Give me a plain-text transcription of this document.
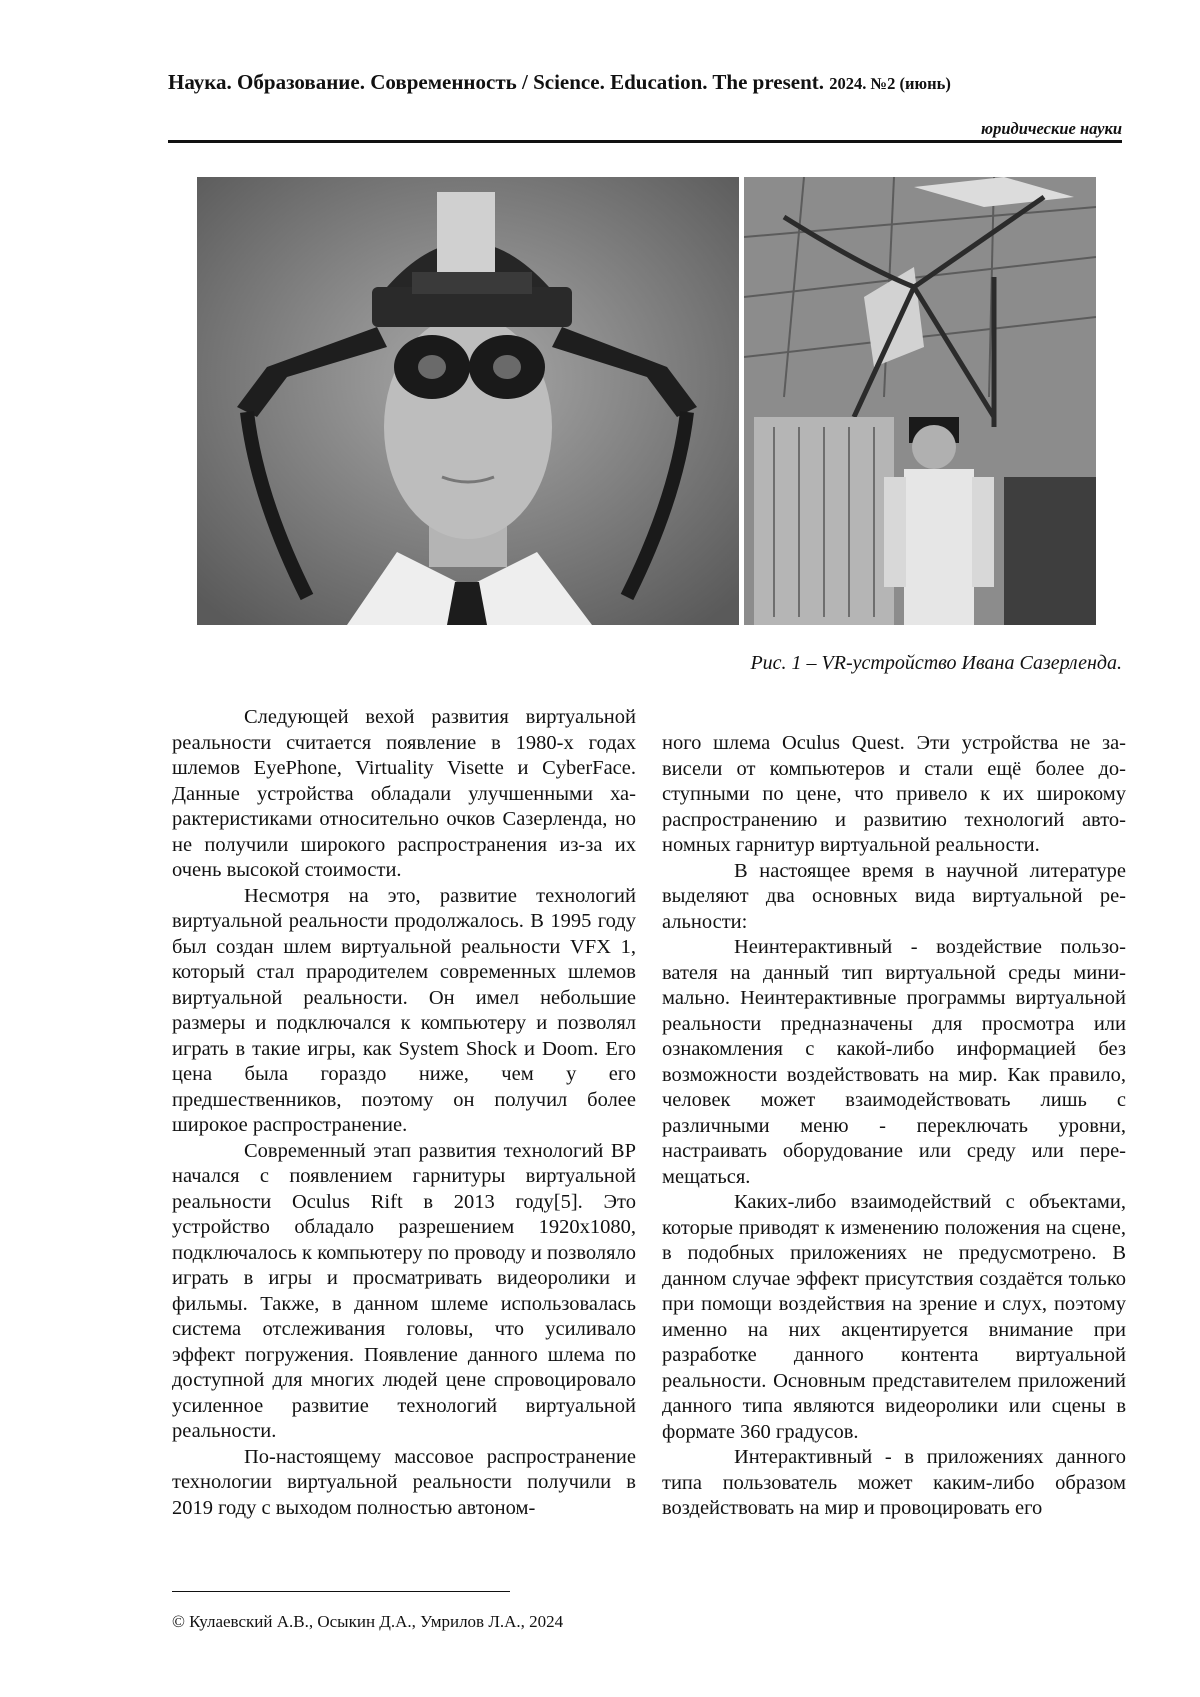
Наука. Образование. Современность / Science. Education. The present. 2024. №2 (июнь)
юридические науки
Рис. 1 – VR-устройство Ивана Сазерленда.

Следующей вехой развития виртуальной реальности считается появление в 1980-х годах шлемов EyePhone, Virtuality Visette и CyberFace. Данные устройства обладали улучшенными характеристиками относительно очков Сазерленда, но не получили широкого распространения из-за их очень высокой стоимости.

Несмотря на это, развитие технологий виртуальной реальности продолжалось. В 1995 году был создан шлем виртуальной реальности VFX 1, который стал прародителем современных шлемов виртуальной реальности. Он имел небольшие размеры и подключался к компьютеру и позволял играть в такие игры, как System Shock и Doom. Его цена была гораздо ниже, чем у его предшественников, поэтому он получил более широкое распространение.

Современный этап развития технологий ВР начался с появлением гарнитуры виртуальной реальности Oculus Rift в 2013 году[5]. Это устройство обладало разрешением 1920x1080, подключалось к компьютеру по проводу и позволяло играть в игры и просматривать видеоролики и фильмы. Также, в данном шлеме использовалась система отслеживания головы, что усиливало эффект погружения. Появление данного шлема по доступной для многих людей цене спровоцировало усиленное развитие технологий виртуальной реальности.

По-настоящему массовое распространение технологии виртуальной реальности получили в 2019 году с выходом полностью автоном-

ного шлема Oculus Quest. Эти устройства не зависели от компьютеров и стали ещё более доступными по цене, что привело к их широкому распространению и развитию технологий автономных гарнитур виртуальной реальности.

В настоящее время в научной литературе выделяют два основных вида виртуальной реальности:

Неинтерактивный - воздействие пользователя на данный тип виртуальной среды минимально. Неинтерактивные программы виртуальной реальности предназначены для просмотра или ознакомления с какой-либо информацией без возможности воздействовать на мир. Как правило, человек может взаимодействовать лишь с различными меню - переключать уровни, настраивать оборудование или среду или перемещаться.

Каких-либо взаимодействий с объектами, которые приводят к изменению положения на сцене, в подобных приложениях не предусмотрено. В данном случае эффект присутствия создаётся только при помощи воздействия на зрение и слух, поэтому именно на них акцентируется внимание при разработке данного контента виртуальной реальности. Основным представителем приложений данного типа являются видеоролики или сцены в формате 360 градусов.

Интерактивный - в приложениях данного типа пользователь может каким-либо образом воздействовать на мир и провоцировать его

© Кулаевский А.В., Осыкин Д.А., Умрилов Л.А., 2024
